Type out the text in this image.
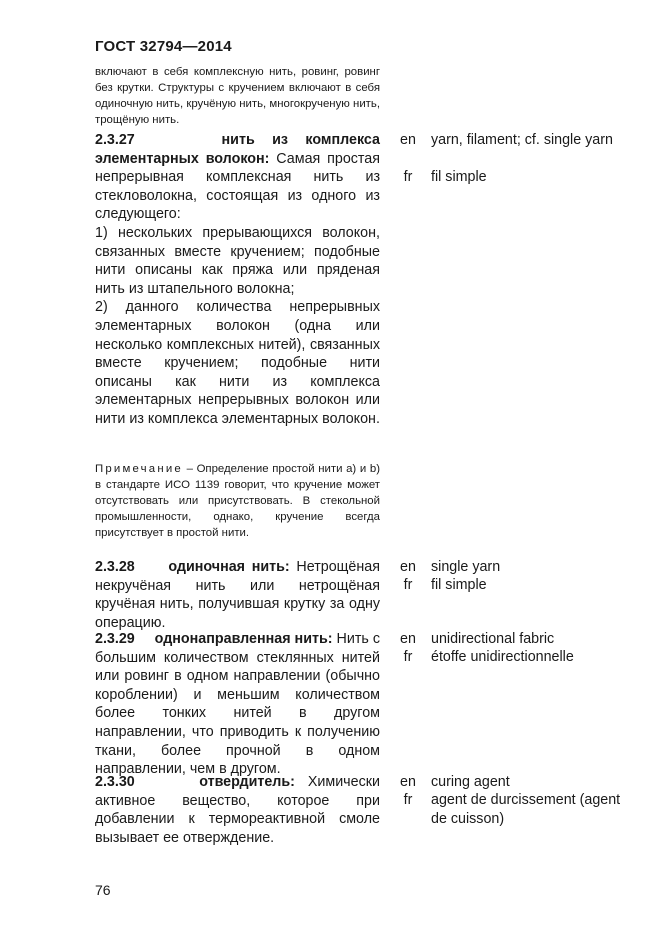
ГОСТ 32794—2014
включают в себя комплексную нить, ровинг, ровинг без крутки. Структуры с кручением включают в себя одиночную нить, кручёную нить, многокрученую нить, трощёную нить.
2.3.27	нить из комплекса элементарных волокон: Самая простая непрерывная комплексная нить из стекловолокна, состоящая из одного из следующего:
1) нескольких прерывающихся волокон, связанных вместе кручением; подобные нити описаны как пряжа или пряденая нить из штапельного волокна;
2) данного количества непрерывных элементарных волокон (одна или несколько комплексных нитей), связанных вместе кручением; подобные нити описаны как нити из комплекса элементарных непрерывных волокон или нити из комплекса элементарных волокон.
Примечание – Определение простой нити а) и b) в стандарте ИСО 1139 говорит, что кручение может отсутствовать или присутствовать. В стекольной промышленности, однако, кручение всегда присутствует в простой нити.
en yarn, filament; cf. single yarn
fr	fil simple
2.3.28 одиночная нить: Нетрощёная некручёная нить или нетрощёная кручёная нить, получившая крутку за одну операцию.
en single yarn
fr	fil simple
2.3.29 однонаправленная нить: Нить с большим количеством стеклянных нитей или ровинг в одном направлении (обычно короблении) и меньшим количеством более тонких нитей в другом направлении, что приводить к получению ткани, более прочной в одном направлении, чем в другом.
en unidirectional fabric
fr	étoffe unidirectionnelle
2.3.30	отвердитель: Химически активное вещество, которое при добавлении к термореактивной смоле вызывает ее отверждение.
en curing agent
fr	agent de durcissement (agent de cuisson)
76
